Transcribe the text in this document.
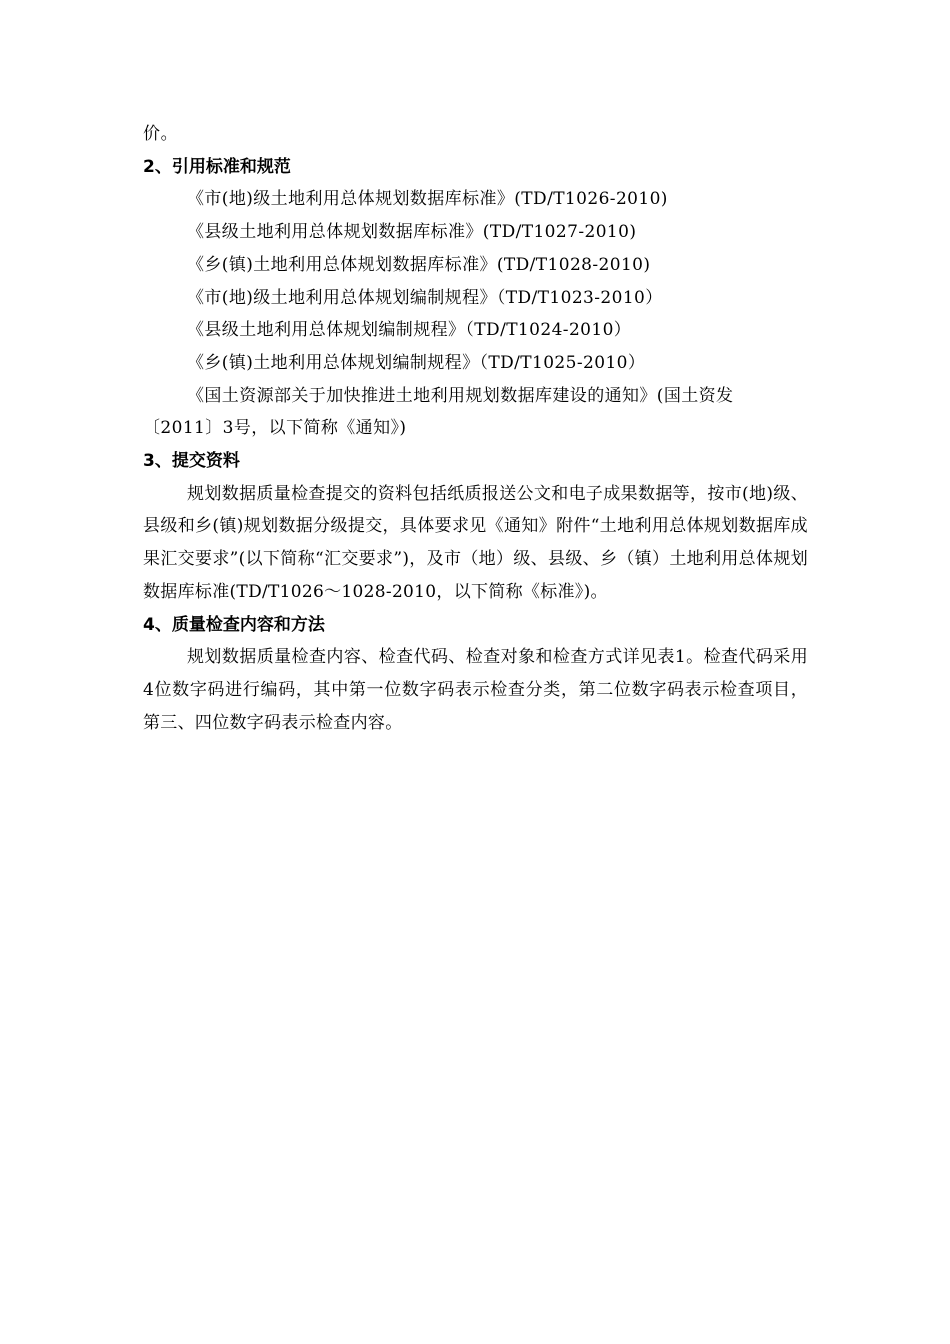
价。
2、引用标准和规范
《市(地)级土地利用总体规划数据库标准》(TD/T1026-2010)
《县级土地利用总体规划数据库标准》(TD/T1027-2010)
《乡(镇)土地利用总体规划数据库标准》(TD/T1028-2010)
《市(地)级土地利用总体规划编制规程》（TD/T1023-2010）
《县级土地利用总体规划编制规程》（TD/T1024-2010）
《乡(镇)土地利用总体规划编制规程》（TD/T1025-2010）
《国土资源部关于加快推进土地利用规划数据库建设的通知》(国土资发
〔2011〕3号，以下简称《通知》)
3、提交资料
规划数据质量检查提交的资料包括纸质报送公文和电子成果数据等，按市(地)级、县级和乡(镇)规划数据分级提交，具体要求见《通知》附件“土地利用总体规划数据库成果汇交要求”(以下简称“汇交要求”)，及市（地）级、县级、乡（镇）土地利用总体规划数据库标准(TD/T1026～1028-2010，以下简称《标准》)。
4、质量检查内容和方法
规划数据质量检查内容、检查代码、检查对象和检查方式详见表1。检查代码采用4位数字码进行编码，其中第一位数字码表示检查分类，第二位数字码表示检查项目，第三、四位数字码表示检查内容。
